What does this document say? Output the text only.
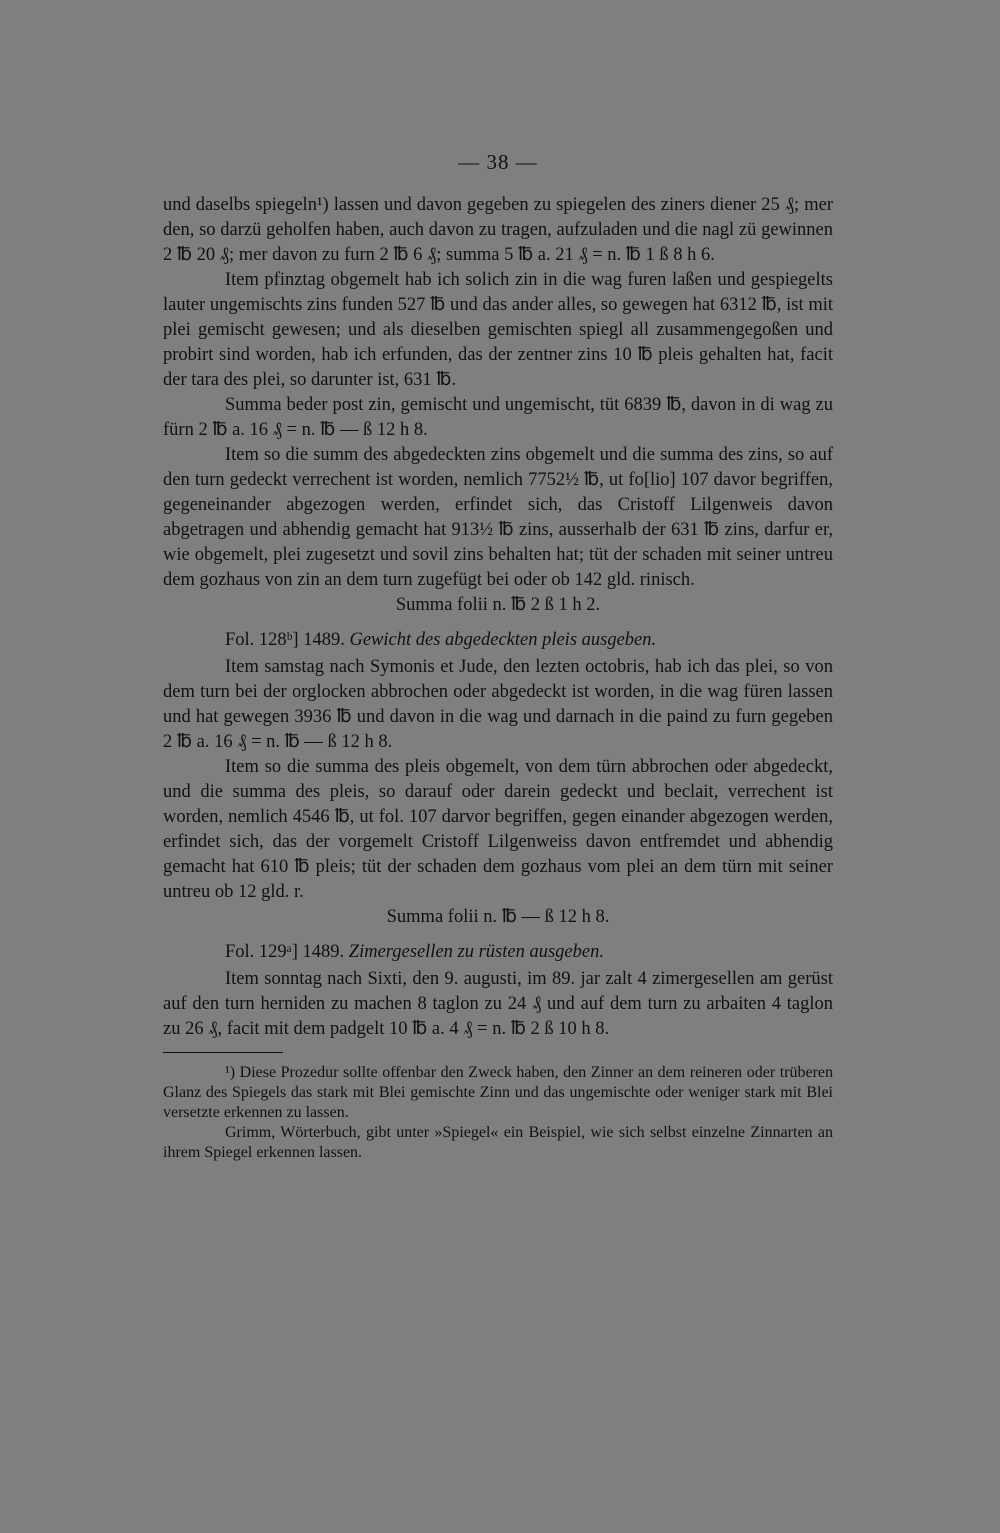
— 38 —

und daselbs spiegeln¹) lassen und davon gegeben zu spiegelen des ziners diener 25 ₰; mer den, so darzü geholfen haben, auch davon zu tragen, aufzuladen und die nagl zü gewinnen 2 ℔ 20 ₰; mer davon zu furn 2 ℔ 6 ₰; summa 5 ℔ a. 21 ₰ = n. ℔ 1 ß 8 h 6.

Item pfinztag obgemelt hab ich solich zin in die wag furen laßen und gespiegelts lauter ungemischts zins funden 527 ℔ und das ander alles, so gewegen hat 6312 ℔, ist mit plei gemischt gewesen; und als dieselben gemischten spiegl all zusammengegoßen und probirt sind worden, hab ich erfunden, das der zentner zins 10 ℔ pleis gehalten hat, facit der tara des plei, so darunter ist, 631 ℔.

Summa beder post zin, gemischt und ungemischt, tüt 6839 ℔, davon in di wag zu fürn 2 ℔ a. 16 ₰ = n. ℔ — ß 12 h 8.

Item so die summ des abgedeckten zins obgemelt und die summa des zins, so auf den turn gedeckt verrechent ist worden, nemlich 7752½ ℔, ut fo[lio] 107 davor begriffen, gegeneinander abgezogen werden, erfindet sich, das Cristoff Lilgenweis davon abgetragen und abhendig gemacht hat 913½ ℔ zins, ausserhalb der 631 ℔ zins, darfur er, wie obgemelt, plei zugesetzt und sovil zins behalten hat; tüt der schaden mit seiner untreu dem gozhaus von zin an dem turn zugefügt bei oder ob 142 gld. rinisch.

Summa folii n. ℔ 2 ß 1 h 2.

Fol. 128ᵇ] 1489. Gewicht des abgedeckten pleis ausgeben.

Item samstag nach Symonis et Jude, den lezten octobris, hab ich das plei, so von dem turn bei der orglocken abbrochen oder abgedeckt ist worden, in die wag füren lassen und hat gewegen 3936 ℔ und davon in die wag und darnach in die paind zu furn gegeben 2 ℔ a. 16 ₰ = n. ℔ — ß 12 h 8.

Item so die summa des pleis obgemelt, von dem türn abbrochen oder abgedeckt, und die summa des pleis, so darauf oder darein gedeckt und beclait, verrechent ist worden, nemlich 4546 ℔, ut fol. 107 darvor begriffen, gegen einander abgezogen werden, erfindet sich, das der vorgemelt Cristoff Lilgenweiss davon entfremdet und abhendig gemacht hat 610 ℔ pleis; tüt der schaden dem gozhaus vom plei an dem türn mit seiner untreu ob 12 gld. r.

Summa folii n. ℔ — ß 12 h 8.

Fol. 129ᵃ] 1489. Zimergesellen zu rüsten ausgeben.

Item sonntag nach Sixti, den 9. augusti, im 89. jar zalt 4 zimergesellen am gerüst auf den turn herniden zu machen 8 taglon zu 24 ₰ und auf dem turn zu arbaiten 4 taglon zu 26 ₰, facit mit dem padgelt 10 ℔ a. 4 ₰ = n. ℔ 2 ß 10 h 8.

¹) Diese Prozedur sollte offenbar den Zweck haben, den Zinner an dem reineren oder trüberen Glanz des Spiegels das stark mit Blei gemischte Zinn und das ungemischte oder weniger stark mit Blei versetzte erkennen zu lassen.

Grimm, Wörterbuch, gibt unter »Spiegel« ein Beispiel, wie sich selbst einzelne Zinnarten an ihrem Spiegel erkennen lassen.
